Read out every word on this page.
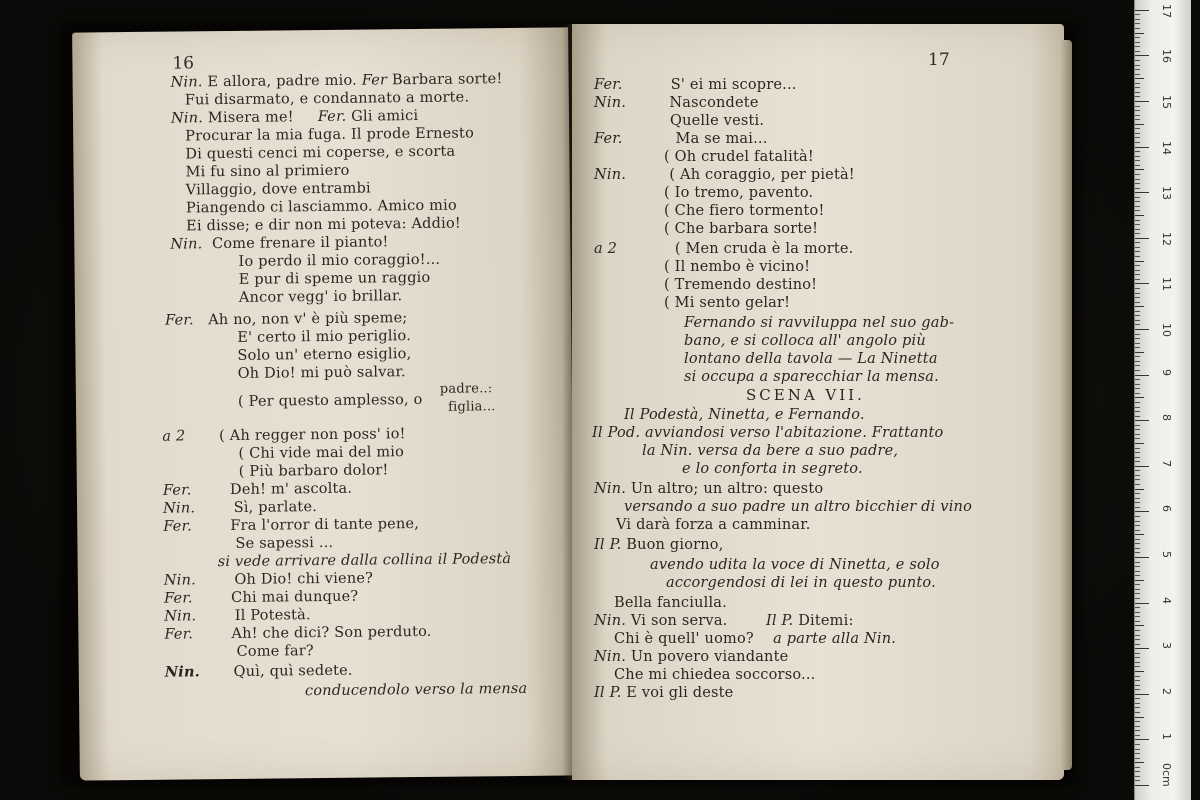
16
Nin. E allora, padre mio. Fer Barbara sorte!
Fui disarmato, e condannato a morte.
Nin. Misera me! Fer. Gli amici
Procurar la mia fuga. Il prode Ernesto
Di questi cenci mi coperse, e scorta
Mi fu sino al primiero
Villaggio, dove entrambi
Piangendo ci lasciammo. Amico mio
Ei disse; e dir non mi poteva: Addio!
Nin. Come frenare il pianto!
Io perdo il mio coraggio!...
E pur di speme un raggio
Ancor vegg' io brillar.
Fer. Ah no, non v' è più speme;
E' certo il mio periglio.
Solo un' eterno esiglio,
Oh Dio! mi può salvar.
( Per questo amplesso, o
padre..:
figlia...
a 2 ( Ah regger non poss' io!
( Chi vide mai del mio
( Più barbaro dolor!
Fer.	Deh! m' ascolta.
Nin.	Sì, parlate.
Fer.	Fra l'orror di tante pene,
Se sapessi ...
si vede arrivare dalla collina il Podestà
Nin.	Oh Dio! chi viene?
Fer.	Chi mai dunque?
Nin.	Il Potestà.
Fer.	Ah! che dici? Son perduto.
Come far?
Nin. Quì, quì sedete.
conducendolo verso la mensa
17
Fer.	S' ei mi scopre...
Nin.	Nascondete
Quelle vesti.
Fer.	Ma se mai...
( Oh crudel fatalità!
Nin.	( Ah coraggio, per pietà!
( Io tremo, pavento.
( Che fiero tormento!
( Che barbara sorte!
a 2	( Men cruda è la morte.
( Il nembo è vicino!
( Tremendo destino!
( Mi sento gelar!
Fernando si ravviluppa nel suo gab-
bano, e si colloca all' angolo più
lontano della tavola — La Ninetta
si occupa a sparecchiar la mensa.
SCENA VII.
Il Podestà, Ninetta, e Fernando.
Il Pod. avviandosi verso l'abitazione. Frattanto
la Nin. versa da bere a suo padre,
e lo conforta in segreto.
Nin. Un altro; un altro: questo
versando a suo padre un altro bicchier di vino
Vi darà forza a camminar.
Il P. Buon giorno,
avendo udita la voce di Ninetta, e solo
accorgendosi di lei in questo punto.
Bella fanciulla.
Nin. Vi son serva.	Il P. Ditemi:
Chi è quell' uomo? a parte alla Nin.
Nin. Un povero viandante
Che mi chiedea soccorso...
Il P. E voi gli deste
0cm
1
2
3
4
5
6
7
8
9
10
11
12
13
14
15
16
17
